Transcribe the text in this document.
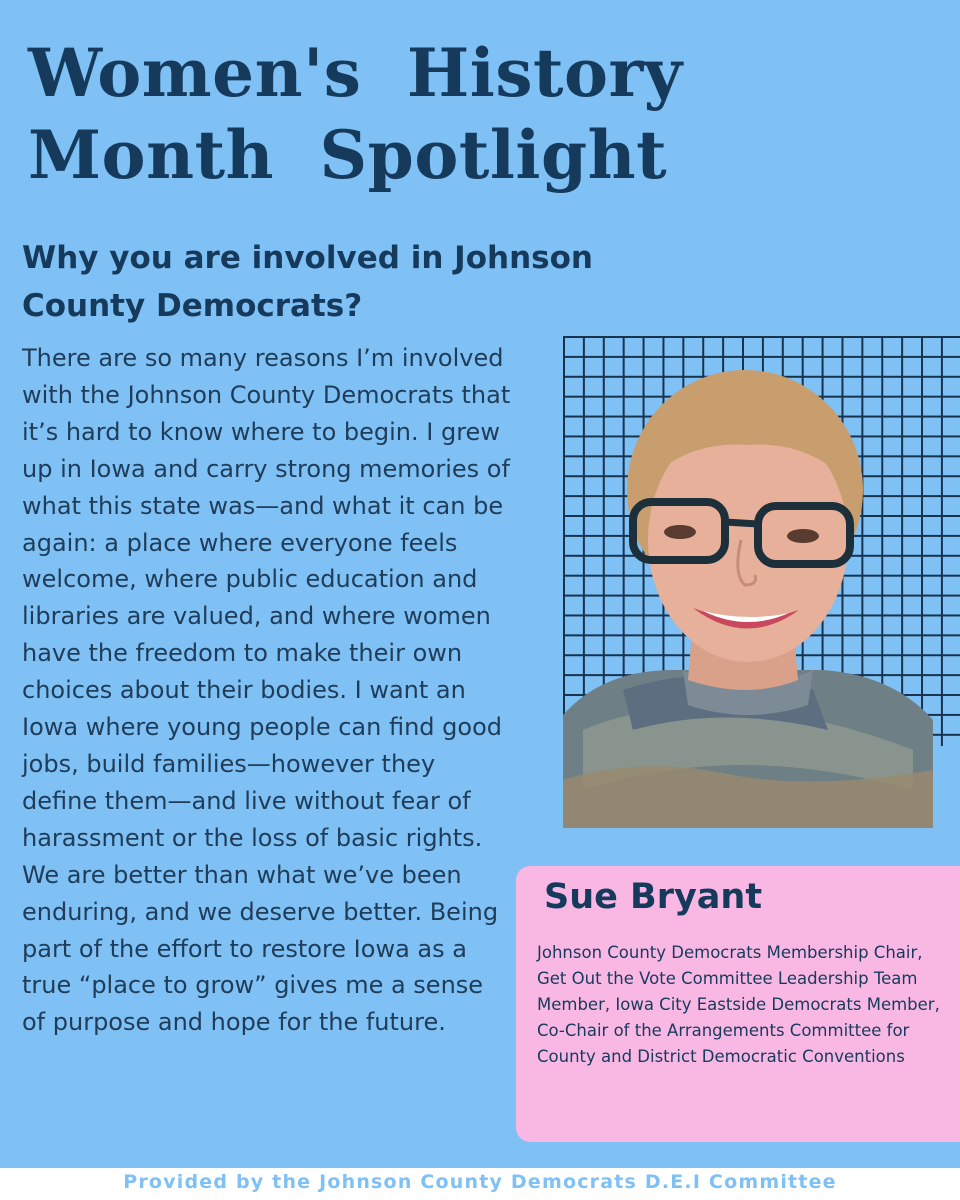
Women's History Month Spotlight
Why you are involved in Johnson County Democrats?

There are so many reasons I’m involved with the Johnson County Democrats that it’s hard to know where to begin. I grew up in Iowa and carry strong memories of what this state was—and what it can be again: a place where everyone feels welcome, where public education and libraries are valued, and where women have the freedom to make their own choices about their bodies. I want an Iowa where young people can find good jobs, build families—however they define them—and live without fear of harassment or the loss of basic rights. We are better than what we’ve been enduring, and we deserve better. Being part of the effort to restore Iowa as a true “place to grow” gives me a sense of purpose and hope for the future.

Sue Bryant

Johnson County Democrats Membership Chair, Get Out the Vote Committee Leadership Team Member, Iowa City Eastside Democrats Member, Co-Chair of the Arrangements Committee for County and District Democratic Conventions

Provided by the Johnson County Democrats D.E.I Committee
